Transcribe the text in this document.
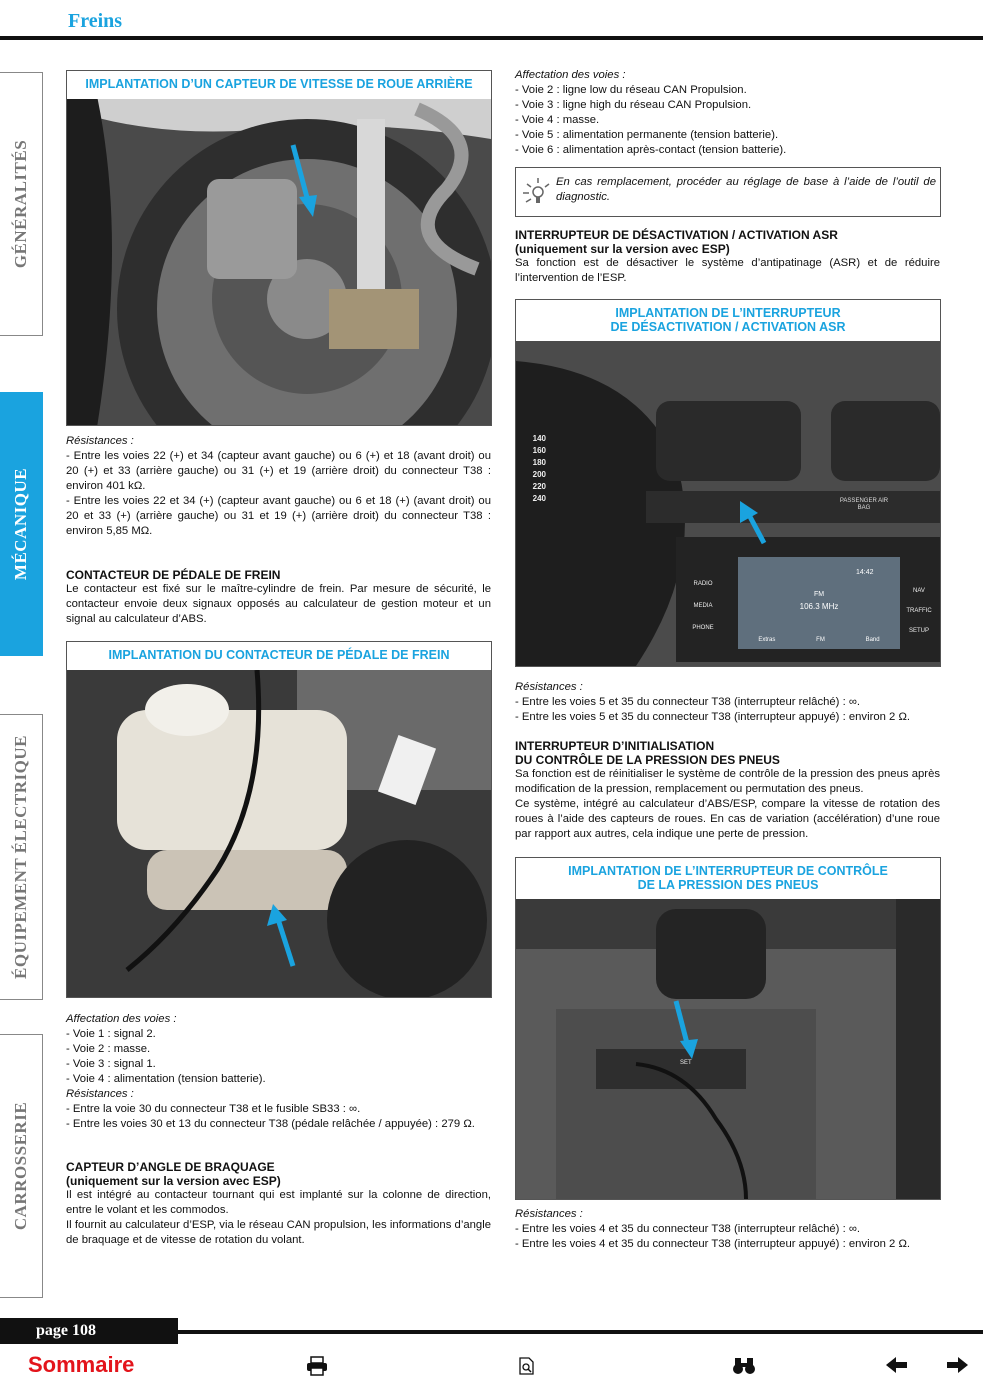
Freins
GÉNÉRALITÉS
MÉCANIQUE
ÉQUIPEMENT ÉLECTRIQUE
CARROSSERIE
IMPLANTATION D’UN CAPTEUR DE VITESSE DE ROUE ARRIÈRE

Résistances :

- Entre les voies 22 (+) et 34 (capteur avant gauche) ou 6 (+) et 18 (avant droit) ou 20 (+) et 33 (arrière gauche) ou 31 (+) et 19 (arrière droit) du connecteur T38 : environ 401 kΩ.

- Entre les voies 22 et 34 (+) (capteur avant gauche) ou 6 et 18 (+) (avant droit) ou 20 et 33 (+) (arrière gauche) ou 31 et 19 (+) (arrière droit) du connecteur T38 : environ 5,85 MΩ.

CONTACTEUR DE PÉDALE DE FREIN

Le contacteur est fixé sur le maître-cylindre de frein. Par mesure de sécurité, le contacteur envoie deux signaux opposés au calculateur de gestion moteur et un signal au calculateur d’ABS.

IMPLANTATION DU CONTACTEUR DE PÉDALE DE FREIN

Affectation des voies :

- Voie 1 : signal 2.

- Voie 2 : masse.

- Voie 3 : signal 1.

- Voie 4 : alimentation (tension batterie).

Résistances :

- Entre la voie 30 du connecteur T38 et le fusible SB33 : ∞.

- Entre les voies 30 et 13 du connecteur T38 (pédale relâchée / appuyée) : 279 Ω.

CAPTEUR D’ANGLE DE BRAQUAGE

(uniquement sur la version avec ESP)

Il est intégré au contacteur tournant qui est implanté sur la colonne de direction, entre le volant et les commodos.

Il fournit au calculateur d’ESP, via le réseau CAN propulsion, les informations d’angle de braquage et de vitesse de rotation du volant.

Affectation des voies :

- Voie 2 : ligne low du réseau CAN Propulsion.

- Voie 3 : ligne high du réseau CAN Propulsion.

- Voie 4 : masse.

- Voie 5 : alimentation permanente (tension batterie).

- Voie 6 : alimentation après-contact (tension batterie).

En cas remplacement, procéder au réglage de base à l’aide de l’outil de diagnostic.

INTERRUPTEUR DE DÉSACTIVATION / ACTIVATION ASR

(uniquement sur la version avec ESP)

Sa fonction est de désactiver le système d’antipatinage (ASR) et de réduire l’intervention de l’ESP.

IMPLANTATION DE L’INTERRUPTEUR
DE DÉSACTIVATION / ACTIVATION ASR
140
160
180
200
220
240	PASSENGER AIR BAG
RADIO
MEDIA
PHONE
NAV
TRAFFIC
SETUP
14:42
FM
106.3 MHz
Extras	FM	Band

Résistances :

- Entre les voies 5 et 35 du connecteur T38 (interrupteur relâché) : ∞.

- Entre les voies 5 et 35 du connecteur T38 (interrupteur appuyé) : environ 2 Ω.

INTERRUPTEUR D’INITIALISATION

DU CONTRÔLE DE LA PRESSION DES PNEUS

Sa fonction est de réinitialiser le système de contrôle de la pression des pneus après modification de la pression, remplacement ou permutation des pneus.

Ce système, intégré au calculateur d’ABS/ESP, compare la vitesse de rotation des roues à l’aide des capteurs de roues. En cas de variation (accélération) d’une roue par rapport aux autres, cela indique une perte de pression.

IMPLANTATION DE L’INTERRUPTEUR DE CONTRÔLE
DE LA PRESSION DES PNEUS
SET

Résistances :

- Entre les voies 4 et 35 du connecteur T38 (interrupteur relâché) : ∞.

- Entre les voies 4 et 35 du connecteur T38 (interrupteur appuyé) : environ 2 Ω.

page 108
Sommaire
